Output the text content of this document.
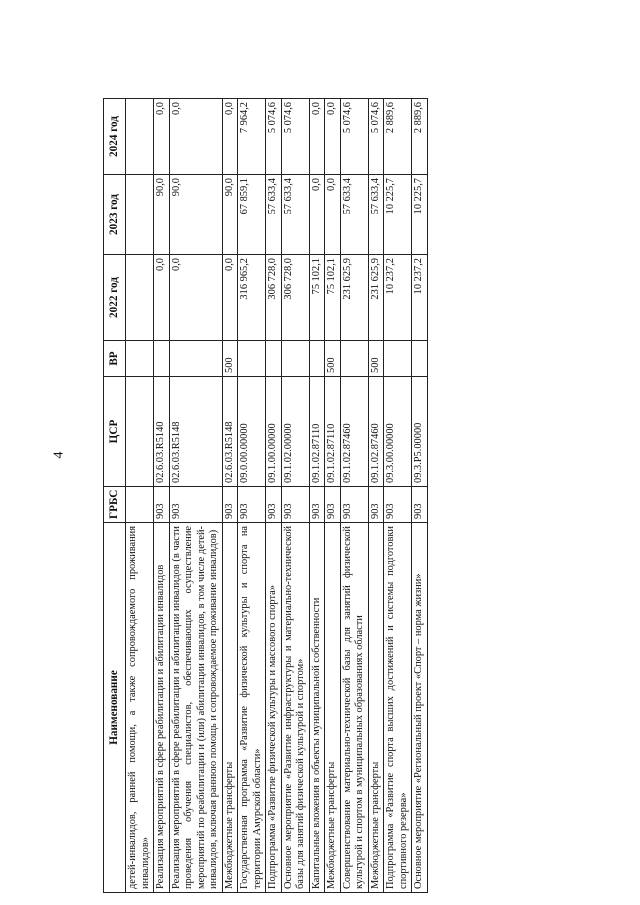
4
Наименование	ГРБС	ЦСР	ВР	2022 год	2023 год	2024 год
детей-инвалидов, ранней помощи, а также сопровождаемого проживания инвалидов»						
Реализация мероприятий в сфере реабилитации и абилитации инвалидов	903	02.6.03.R5140		0,0	90,0	0,0
Реализация мероприятий в сфере реабилитации и абилитации инвалидов (в части проведения обучения специалистов, обеспечивающих осуществление мероприятий по реабилитации и (или) абилитации инвалидов, в том числе детей-инвалидов, включая раннюю помощь и сопровождаемое проживание инвалидов)	903	02.6.03.R5148		0,0	90,0	0,0
Межбюджетные трансферты	903	02.6.03.R5148	500	0,0	90,0	0,0
Государственная программа «Развитие физической культуры и спорта на территории Амурской области»	903	09.0.00.00000		316 965,2	67 859,1	7 964,2
Подпрограмма «Развитие физической культуры и массового спорта»	903	09.1.00.00000		306 728,0	57 633,4	5 074,6
Основное мероприятие «Развитие инфраструктуры и материально-технической базы для занятий физической культурой и спортом»	903	09.1.02.00000		306 728,0	57 633,4	5 074,6
Капитальные вложения в объекты муниципальной собственности	903	09.1.02.87110		75 102,1	0,0	0,0
Межбюджетные трансферты	903	09.1.02.87110	500	75 102,1	0,0	0,0
Совершенствование материально-технической базы для занятий физической культурой и спортом в муниципальных образованиях области	903	09.1.02.87460		231 625,9	57 633,4	5 074,6
Межбюджетные трансферты	903	09.1.02.87460	500	231 625,9	57 633,4	5 074,6
Подпрограмма «Развитие спорта высших достижений и системы подготовки спортивного резерва»	903	09.3.00.00000		10 237,2	10 225,7	2 889,6
Основное мероприятие «Региональный проект «Спорт – норма жизни»	903	09.3.P5.00000		10 237,2	10 225,7	2 889,6
